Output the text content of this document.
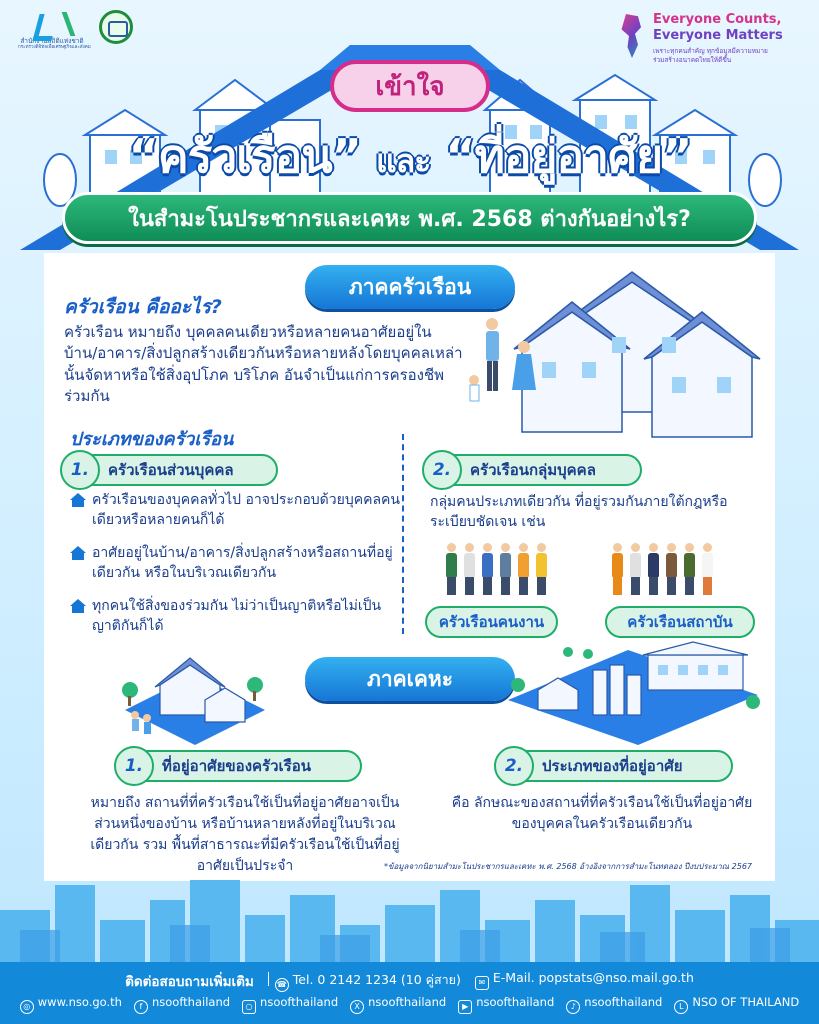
สำนักงานสถิติแห่งชาติ
กระทรวงดิจิทัลเพื่อเศรษฐกิจและสังคม
Everyone Counts,
Everyone Matters
เพราะทุกคนสำคัญ ทุกข้อมูลมีความหมาย
ร่วมสร้างอนาคตไทยให้ดีขึ้น
เข้าใจ
“ครัวเรือน” และ “ที่อยู่อาศัย”
ในสำมะโนประชากรและเคหะ พ.ศ. 2568 ต่างกันอย่างไร?
ภาคครัวเรือน
ครัวเรือน คืออะไร?
ครัวเรือน หมายถึง บุคคลคนเดียวหรือหลายคนอาศัยอยู่ในบ้าน/อาคาร/สิ่งปลูกสร้างเดียวกันหรือหลายหลังโดยบุคคลเหล่านั้นจัดหาหรือใช้สิ่งอุปโภค บริโภค อันจำเป็นแก่การครองชีพร่วมกัน
ประเภทของครัวเรือน
1.	ครัวเรือนส่วนบุคคล	2.	ครัวเรือนกลุ่มบุคคล
ครัวเรือนของบุคคลทั่วไป อาจประกอบด้วยบุคคลคนเดียวหรือหลายคนก็ได้
อาศัยอยู่ในบ้าน/อาคาร/สิ่งปลูกสร้างหรือสถานที่อยู่เดียวกัน หรือในบริเวณเดียวกัน
ทุกคนใช้สิ่งของร่วมกัน ไม่ว่าเป็นญาติหรือไม่เป็นญาติกันก็ได้
กลุ่มคนประเภทเดียวกัน ที่อยู่รวมกันภายใต้กฎหรือระเบียบชัดเจน เช่น
ครัวเรือนคนงาน	ครัวเรือนสถาบัน
ภาคเคหะ
1.	ที่อยู่อาศัยของครัวเรือน	2.	ประเภทของที่อยู่อาศัย
หมายถึง สถานที่ที่ครัวเรือนใช้เป็นที่อยู่อาศัยอาจเป็นส่วนหนึ่งของบ้าน หรือบ้านหลายหลังที่อยู่ในบริเวณเดียวกัน รวม พื้นที่สาธารณะที่มีครัวเรือนใช้เป็นที่อยู่อาศัยเป็นประจำ
คือ ลักษณะของสถานที่ที่ครัวเรือนใช้เป็นที่อยู่อาศัยของบุคคลในครัวเรือนเดียวกัน
*ข้อมูลจากนิยามสำมะโนประชากรและเคหะ พ.ศ. 2568 อ้างอิงจากการสำมะโนทดลอง ปีงบประมาณ 2567
ติดต่อสอบถามเพิ่มเติม	☎ Tel. 0 2142 1234 (10 คู่สาย)	✉ E-Mail. popstats@nso.mail.go.th
◎ www.nso.go.th	f nsoofthailand	○ nsoofthailand	X nsoofthailand	▶ nsoofthailand	♪ nsoofthailand	L NSO OF THAILAND
